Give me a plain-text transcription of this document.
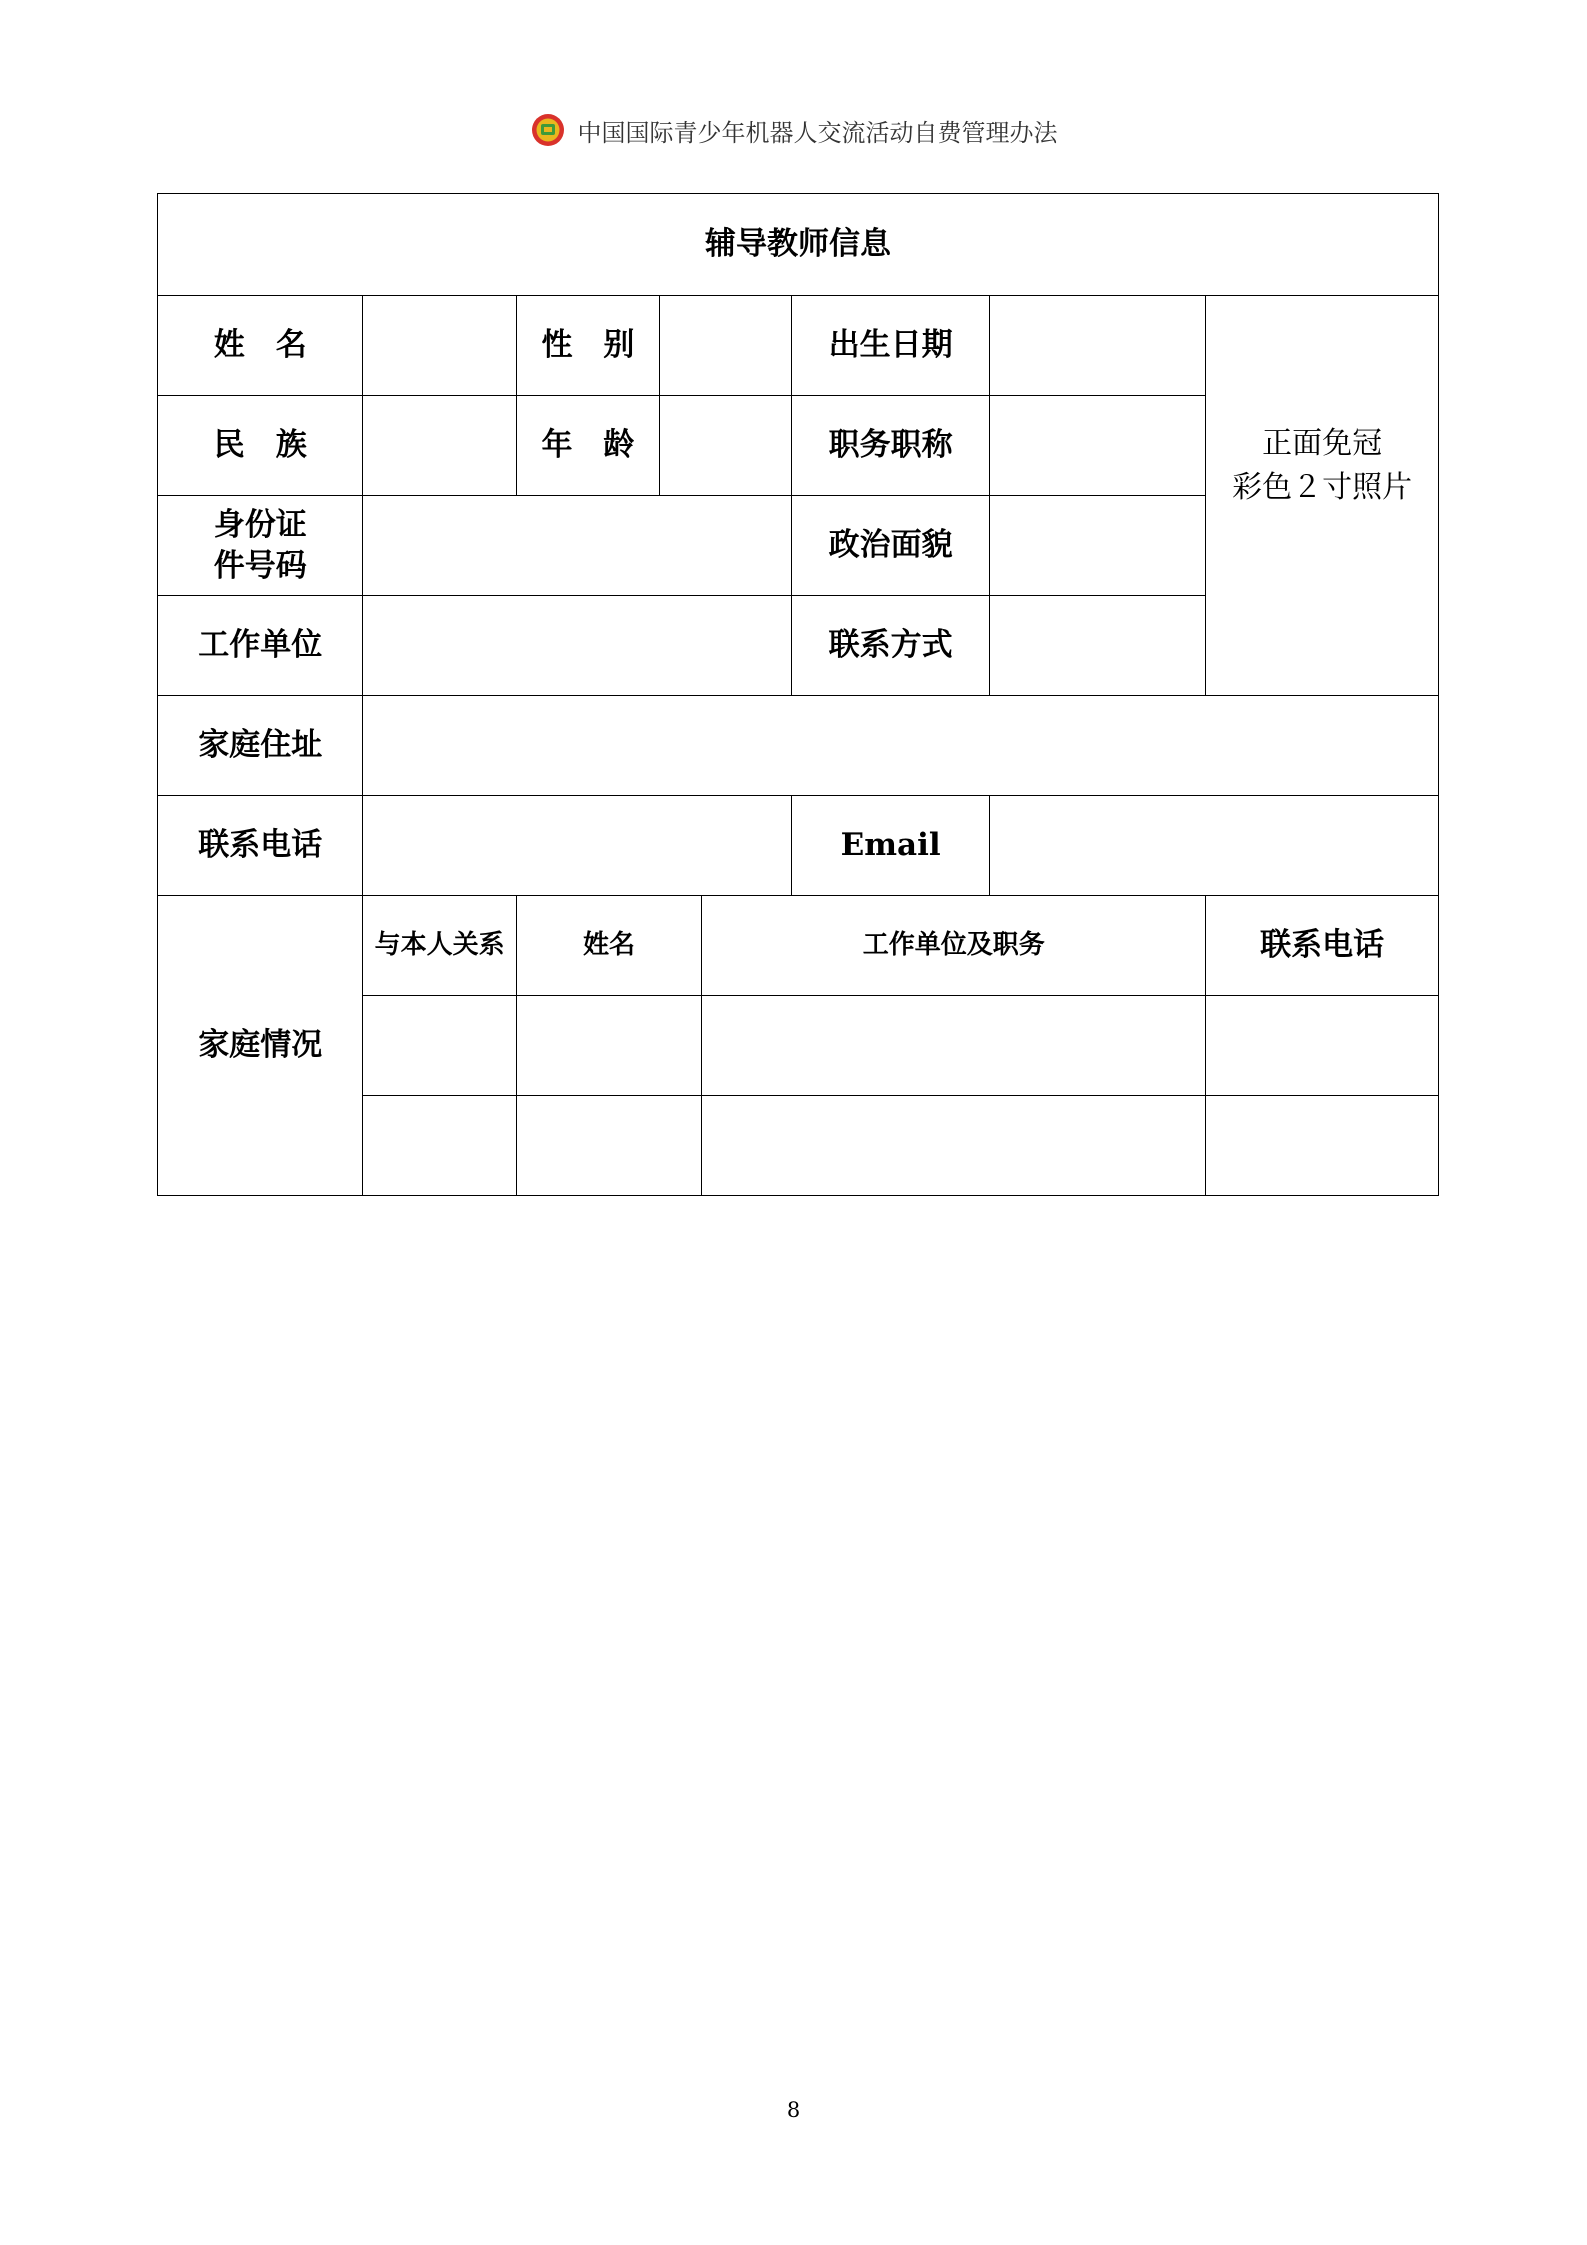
中国国际青少年机器人交流活动自费管理办法
辅导教师信息							
姓　名		性　别			出生日期		正面免冠
彩色２寸照片

民　族		年　龄			职务职称		

身份证
件号码					政治面貌		
工作单位					联系方式		
家庭住址							
联系电话					Email		
家庭情况	与本人关系	姓名		工作单位及职务			联系电话

8
